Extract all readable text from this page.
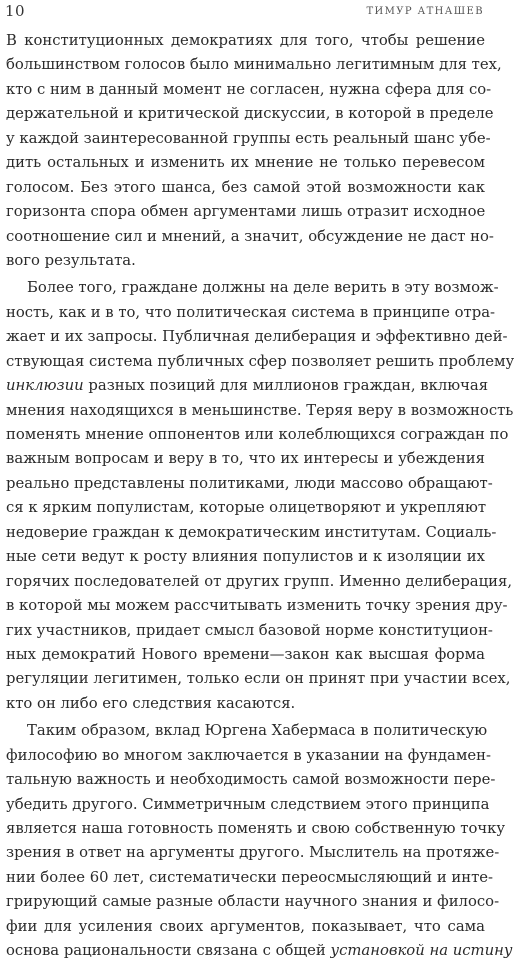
10	ТИМУР АТНАШЕВ
В конституционных демократиях для того, чтобы решение
большинством голосов было минимально легитимным для тех,
кто с ним в данный момент не согласен, нужна сфера для со-
держательной и критической дискуссии, в которой в пределе
у каждой заинтересованной группы есть реальный шанс убе-
дить остальных и изменить их мнение не только перевесом
голосом. Без этого шанса, без самой этой возможности как
горизонта спора обмен аргументами лишь отразит исходное
соотношение сил и мнений, а значит, обсуждение не даст но-
вого результата.
Более того, граждане должны на деле верить в эту возмож-
ность, как и в то, что политическая система в принципе отра-
жает и их запросы. Публичная делиберация и эффективно дей-
ствующая система публичных сфер позволяет решить проблему
инклюзии разных позиций для миллионов граждан, включая
мнения находящихся в меньшинстве. Теряя веру в возможность
поменять мнение оппонентов или колеблющихся сограждан по
важным вопросам и веру в то, что их интересы и убеждения
реально представлены политиками, люди массово обращают-
ся к ярким популистам, которые олицетворяют и укрепляют
недоверие граждан к демократическим институтам. Социаль-
ные сети ведут к росту влияния популистов и к изоляции их
горячих последователей от других групп. Именно делиберация,
в которой мы можем рассчитывать изменить точку зрения дру-
гих участников, придает смысл базовой норме конституцион-
ных демократий Нового времени—закон как высшая форма
регуляции легитимен, только если он принят при участии всех,
кто он либо его следствия касаются.
Таким образом, вклад Юргена Хабермаса в политическую
философию во многом заключается в указании на фундамен-
тальную важность и необходимость самой возможности пере-
убедить другого. Симметричным следствием этого принципа
является наша готовность поменять и свою собственную точку
зрения в ответ на аргументы другого. Мыслитель на протяже-
нии более 60 лет, систематически переосмысляющий и инте-
грирующий самые разные области научного знания и филосо-
фии для усиления своих аргументов, показывает, что сама
основа рациональности связана с общей установкой на истину
